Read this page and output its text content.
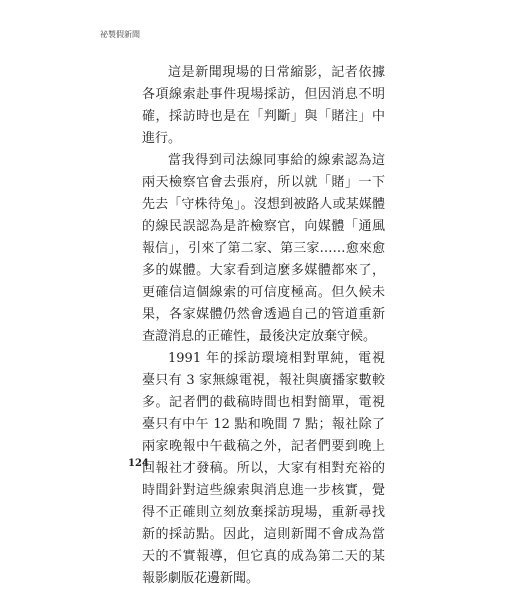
祕製假新聞

這是新聞現場的日常縮影，記者依據各項線索赴事件現場採訪，但因消息不明確，採訪時也是在「判斷」與「賭注」中進行。

當我得到司法線同事給的線索認為這兩天檢察官會去張府，所以就「賭」一下先去「守株待兔」。沒想到被路人或某媒體的線民誤認為是許檢察官，向媒體「通風報信」，引來了第二家、第三家……愈來愈多的媒體。大家看到這麼多媒體都來了，更確信這個線索的可信度極高。但久候未果，各家媒體仍然會透過自己的管道重新查證消息的正確性，最後決定放棄守候。

1991 年的採訪環境相對單純，電視臺只有 3 家無線電視，報社與廣播家數較多。記者們的截稿時間也相對簡單，電視臺只有中午 12 點和晚間 7 點；報社除了兩家晚報中午截稿之外，記者們要到晚上回報社才發稿。所以，大家有相對充裕的時間針對這些線索與消息進一步核實，覺得不正確則立刻放棄採訪現場，重新尋找新的採訪點。因此，這則新聞不會成為當天的不實報導，但它真的成為第二天的某報影劇版花邊新聞。

124
